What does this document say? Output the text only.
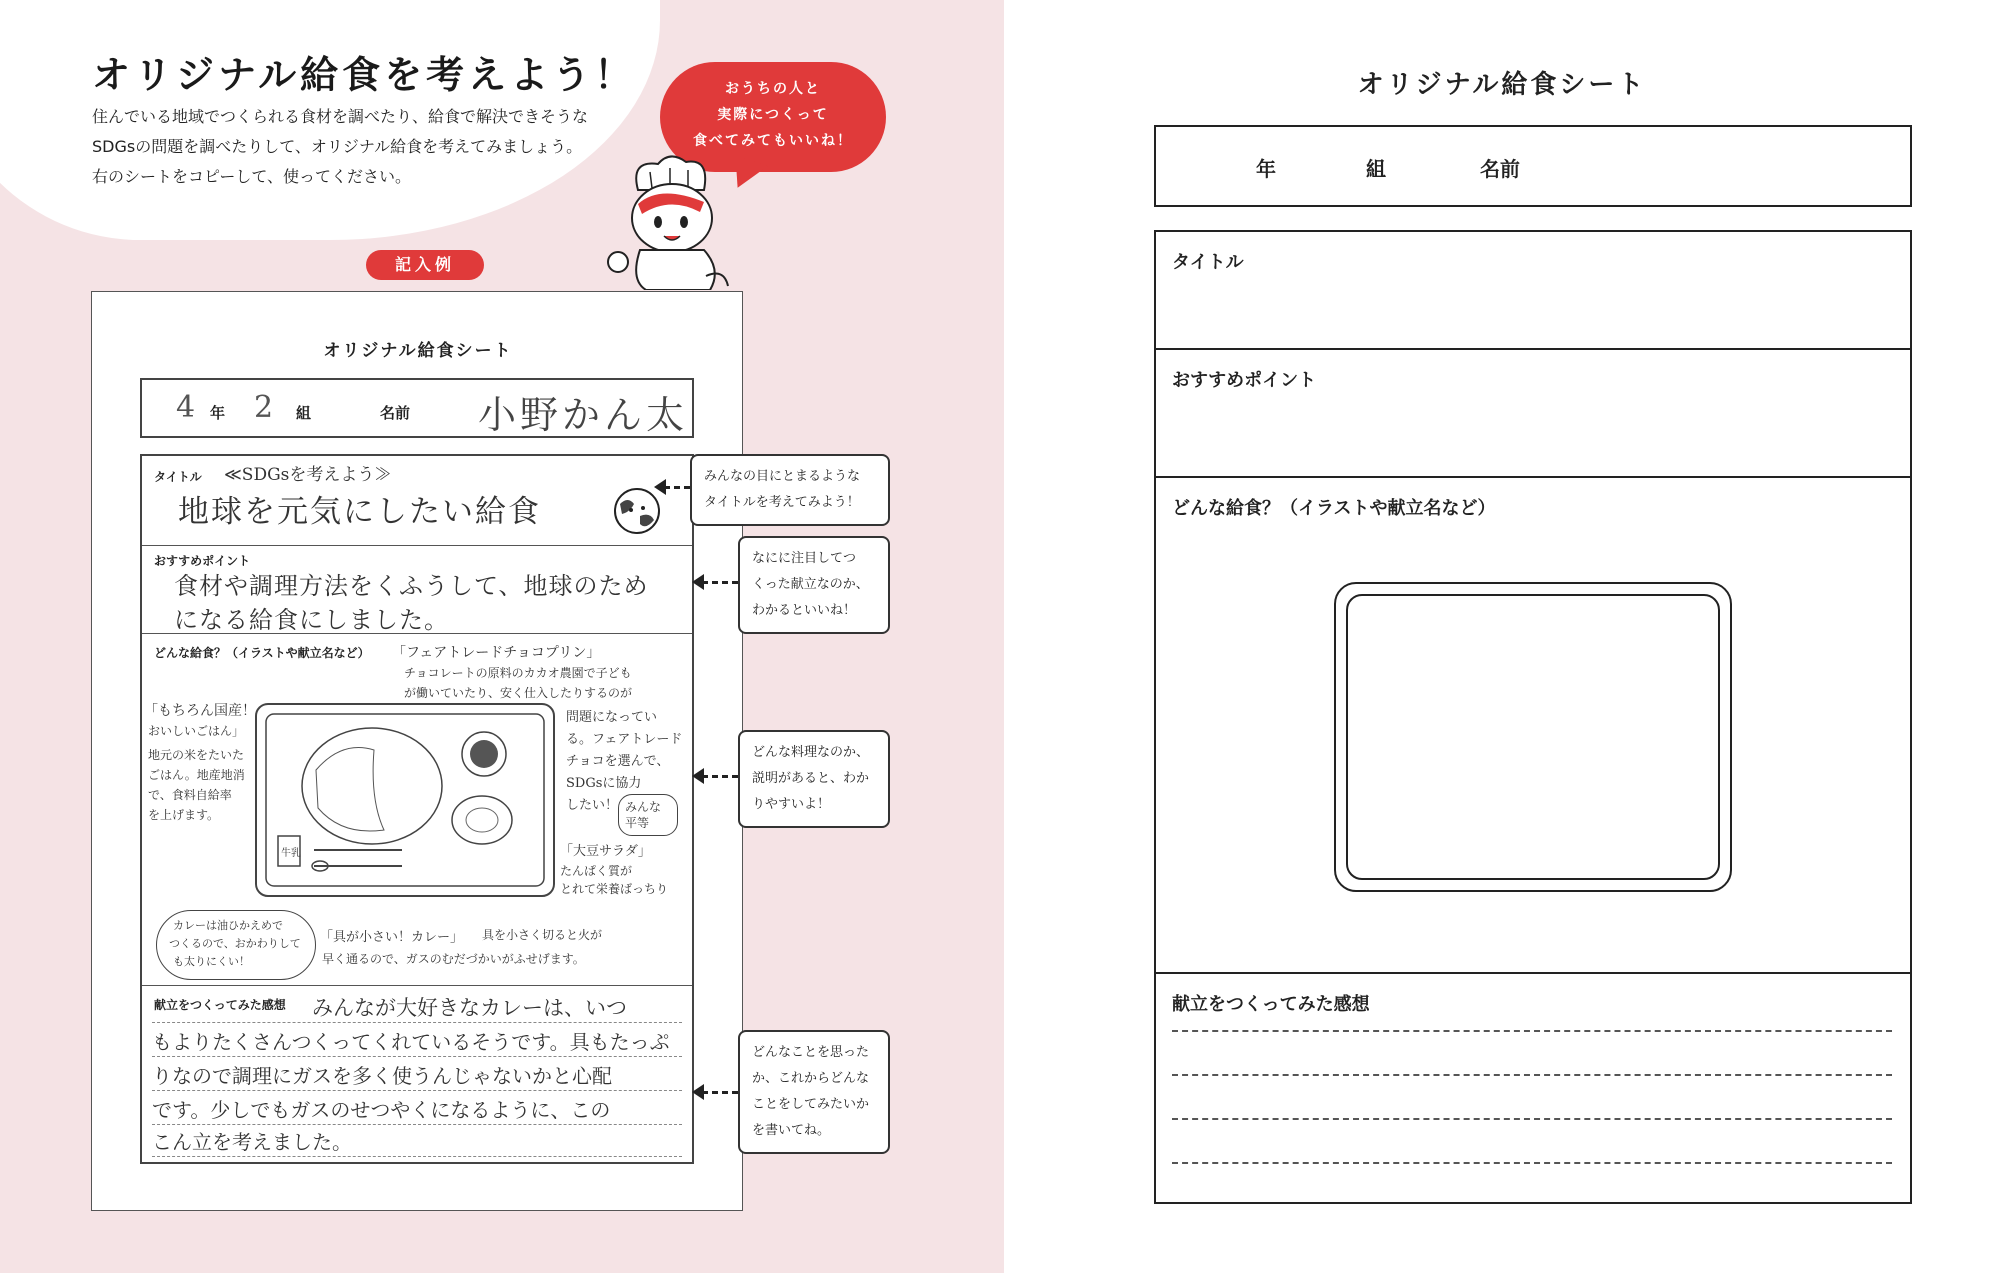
オリジナル給食を考えよう！
住んでいる地域でつくられる食材を調べたり、給食で解決できそうな
SDGsの問題を調べたりして、オリジナル給食を考えてみましょう。
右のシートをコピーして、使ってください。
おうちの人と
実際につくって
食べてみてもいいね！
記入例
オリジナル給食シート
4 年 2 組	名前 小野かん太
タイトル ≪SDGsを考えよう≫
地球を元気にしたい給食
おすすめポイント
食材や調理方法をくふうして、地球のため
になる給食にしました。
どんな給食？（イラストや献立名など） 「フェアトレードチョコプリン」
チョコレートの原料のカカオ農園で子ども
が働いていたり、安く仕入したりするのが
問題になってい
る。フェアトレード
チョコを選んで、
SDGsに協力
したい！ みんな平等
「もちろん国産！
おいしいごはん」
地元の米をたいた
ごはん。地産地消
で、食料自給率
を上げます。
牛乳	「大豆サラダ」
たんぱく質が
とれて栄養ばっちり
カレーは油ひかえめで
つくるので、おかわりして
も太りにくい！
「具が小さい！カレー」 具を小さく切ると火が
早く通るので、ガスのむだづかいがふせげます。
献立をつくってみた感想	みんなが大好きなカレーは、いつ
もよりたくさんつくってくれているそうです。具もたっぷ
りなので調理にガスを多く使うんじゃないかと心配
です。少しでもガスのせつやくになるように、この
こん立を考えました。
みんなの目にとまるような
タイトルを考えてみよう！
なにに注目してつ
くった献立なのか、
わかるといいね！
どんな料理なのか、
説明があると、わか
りやすいよ！
どんなことを思った
か、これからどんな
ことをしてみたいか
を書いてね。
オリジナル給食シート
年	組	名前
タイトル
おすすめポイント
どんな給食？（イラストや献立名など）
献立をつくってみた感想
